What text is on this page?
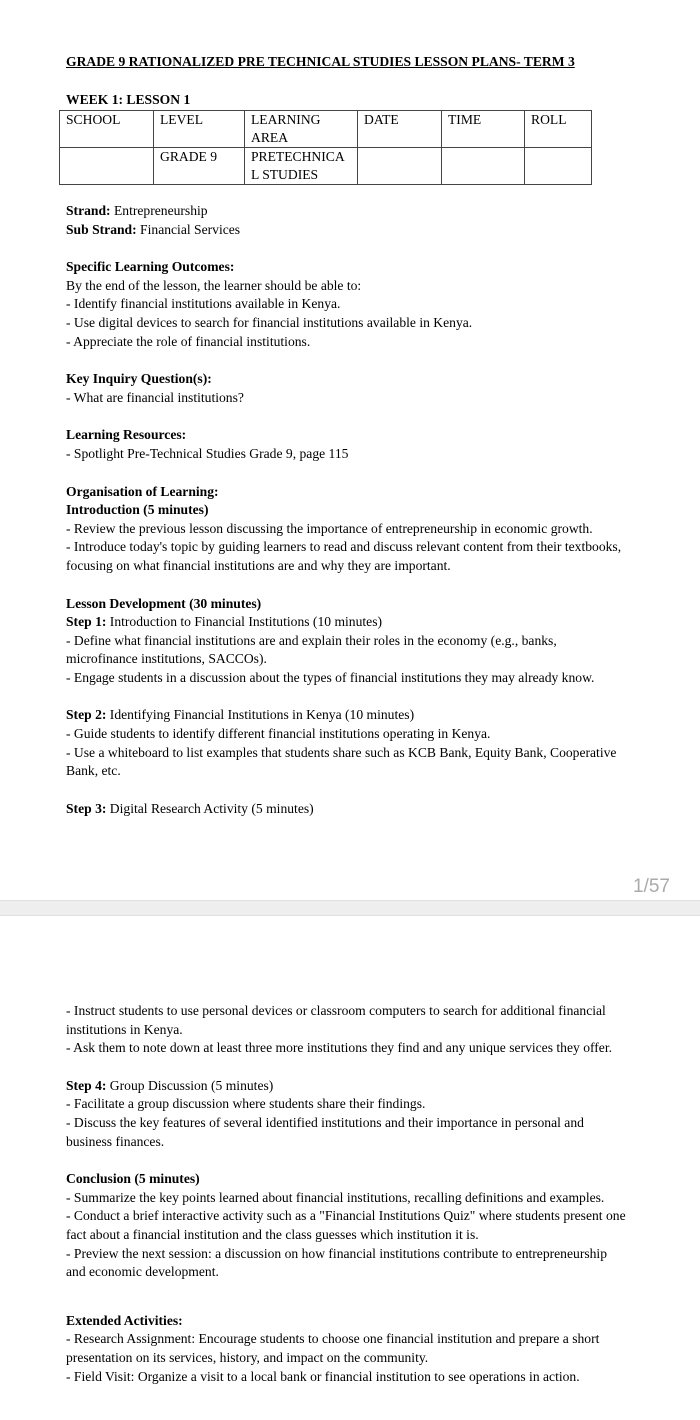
GRADE 9 RATIONALIZED PRE TECHNICAL STUDIES LESSON PLANS- TERM 3
WEEK 1: LESSON 1
SCHOOL	LEVEL	LEARNING AREA	DATE	TIME	ROLL
	GRADE 9	PRETECHNICAL STUDIES			

Strand: Entrepreneurship

Sub Strand: Financial Services

Specific Learning Outcomes:

By the end of the lesson, the learner should be able to:

- Identify financial institutions available in Kenya.

- Use digital devices to search for financial institutions available in Kenya.

- Appreciate the role of financial institutions.

Key Inquiry Question(s):

- What are financial institutions?

Learning Resources:

- Spotlight Pre-Technical Studies Grade 9, page 115

Organisation of Learning:

Introduction (5 minutes)

- Review the previous lesson discussing the importance of entrepreneurship in economic growth.

- Introduce today's topic by guiding learners to read and discuss relevant content from their textbooks, focusing on what financial institutions are and why they are important.

Lesson Development (30 minutes)

Step 1: Introduction to Financial Institutions (10 minutes)

- Define what financial institutions are and explain their roles in the economy (e.g., banks, microfinance institutions, SACCOs).

- Engage students in a discussion about the types of financial institutions they may already know.

Step 2: Identifying Financial Institutions in Kenya (10 minutes)

- Guide students to identify different financial institutions operating in Kenya.

- Use a whiteboard to list examples that students share such as KCB Bank, Equity Bank, Cooperative Bank, etc.

Step 3: Digital Research Activity (5 minutes)

1/57

- Instruct students to use personal devices or classroom computers to search for additional financial institutions in Kenya.

- Ask them to note down at least three more institutions they find and any unique services they offer.

Step 4: Group Discussion (5 minutes)

- Facilitate a group discussion where students share their findings.

- Discuss the key features of several identified institutions and their importance in personal and business finances.

Conclusion (5 minutes)

- Summarize the key points learned about financial institutions, recalling definitions and examples.

- Conduct a brief interactive activity such as a "Financial Institutions Quiz" where students present one fact about a financial institution and the class guesses which institution it is.

- Preview the next session: a discussion on how financial institutions contribute to entrepreneurship and economic development.

Extended Activities:

- Research Assignment: Encourage students to choose one financial institution and prepare a short presentation on its services, history, and impact on the community.

- Field Visit: Organize a visit to a local bank or financial institution to see operations in action.
